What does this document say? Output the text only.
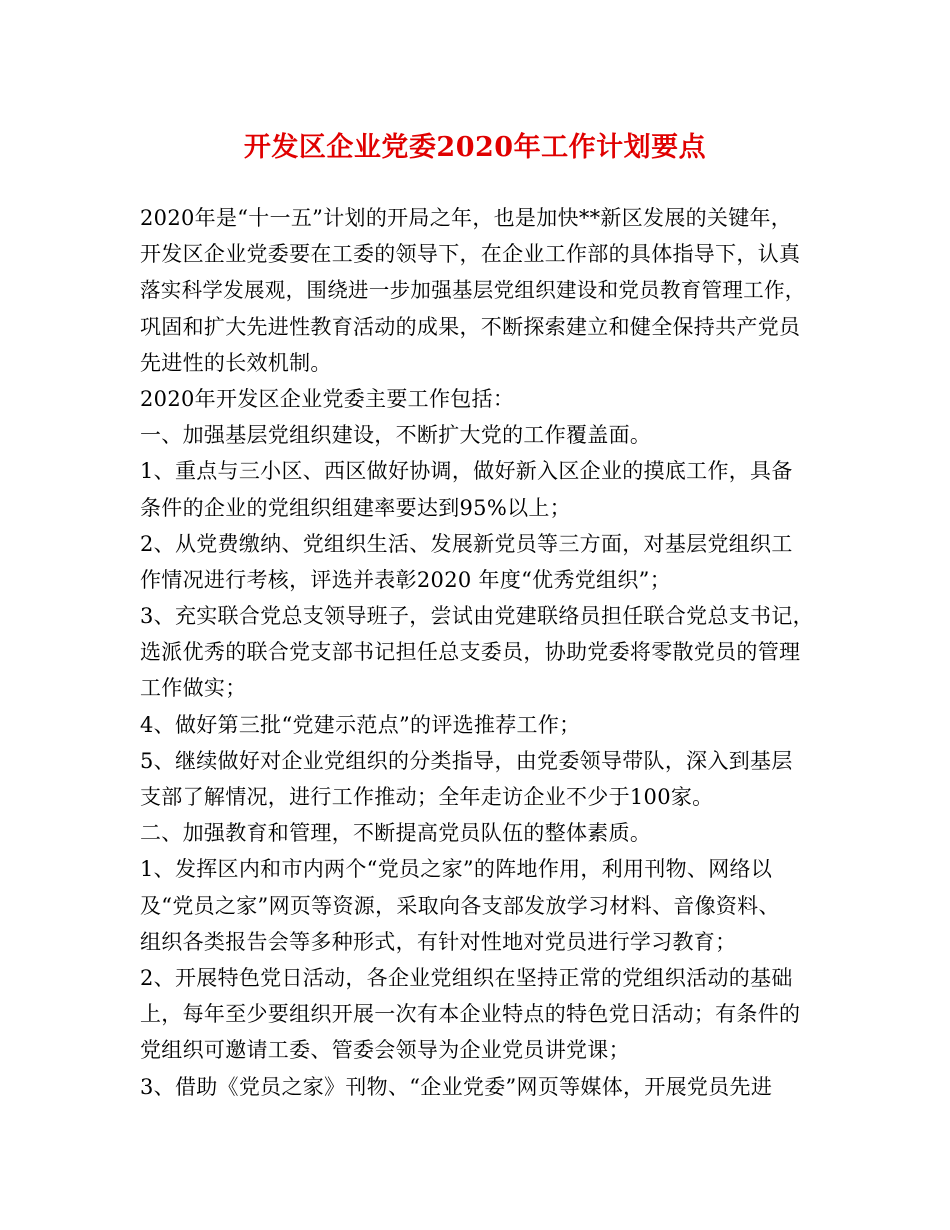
开发区企业党委2020年工作计划要点
2020年是“十一五”计划的开局之年，也是加快**新区发展的关键年，
开发区企业党委要在工委的领导下，在企业工作部的具体指导下，认真
落实科学发展观，围绕进一步加强基层党组织建设和党员教育管理工作，
巩固和扩大先进性教育活动的成果，不断探索建立和健全保持共产党员
先进性的长效机制。
2020年开发区企业党委主要工作包括：
一、加强基层党组织建设，不断扩大党的工作覆盖面。
1、重点与三小区、西区做好协调，做好新入区企业的摸底工作，具备
条件的企业的党组织组建率要达到95%以上；
2、从党费缴纳、党组织生活、发展新党员等三方面，对基层党组织工
作情况进行考核，评选并表彰2020 年度“优秀党组织”；
3、充实联合党总支领导班子，尝试由党建联络员担任联合党总支书记，
选派优秀的联合党支部书记担任总支委员，协助党委将零散党员的管理
工作做实；
4、做好第三批“党建示范点”的评选推荐工作；
5、继续做好对企业党组织的分类指导，由党委领导带队，深入到基层
支部了解情况，进行工作推动；全年走访企业不少于100家。
二、加强教育和管理，不断提高党员队伍的整体素质。
1、发挥区内和市内两个“党员之家”的阵地作用，利用刊物、网络以
及“党员之家”网页等资源，采取向各支部发放学习材料、音像资料、
组织各类报告会等多种形式，有针对性地对党员进行学习教育；
2、开展特色党日活动，各企业党组织在坚持正常的党组织活动的基础
上，每年至少要组织开展一次有本企业特点的特色党日活动；有条件的
党组织可邀请工委、管委会领导为企业党员讲党课；
3、借助《党员之家》刊物、“企业党委”网页等媒体，开展党员先进
